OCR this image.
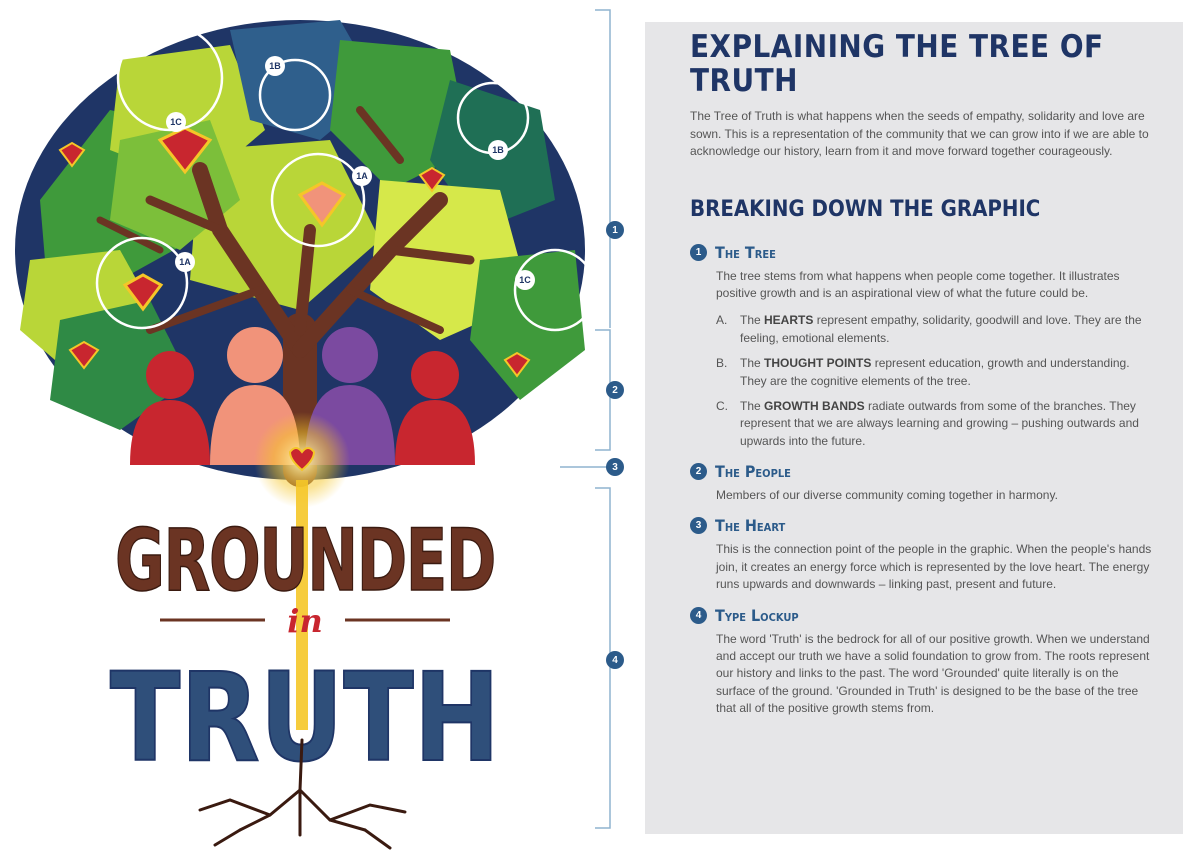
1B
1B
1C
1C
1A
1A
GROUNDED
in
TRUTH
1
2
3
4
EXPLAINING THE TREE OF TRUTH

The Tree of Truth is what happens when the seeds of empathy, solidarity and love are sown. This is a representation of the community that we can grow into if we are able to acknowledge our history, learn from it and move forward together courageously.

BREAKING DOWN THE GRAPHIC
1 The Tree

The tree stems from what happens when people come together. It illustrates positive growth and is an aspirational view of what the future could be.

A.	The HEARTS represent empathy, solidarity, goodwill and love. They are the feeling, emotional elements.
B.	The THOUGHT POINTS represent education, growth and understanding. They are the cognitive elements of the tree.
C.	The GROWTH BANDS radiate outwards from some of the branches. They represent that we are always learning and growing – pushing outwards and upwards into the future.
2 The People

Members of our diverse community coming together in harmony.

3 The Heart

This is the connection point of the people in the graphic. When the people's hands join, it creates an energy force which is represented by the love heart. The energy runs upwards and downwards – linking past, present and future.

4 Type Lockup

The word 'Truth' is the bedrock for all of our positive growth. When we understand and accept our truth we have a solid foundation to grow from. The roots represent our history and links to the past. The word 'Grounded' quite literally is on the surface of the ground. 'Grounded in Truth' is designed to be the base of the tree that all of the positive growth stems from.
